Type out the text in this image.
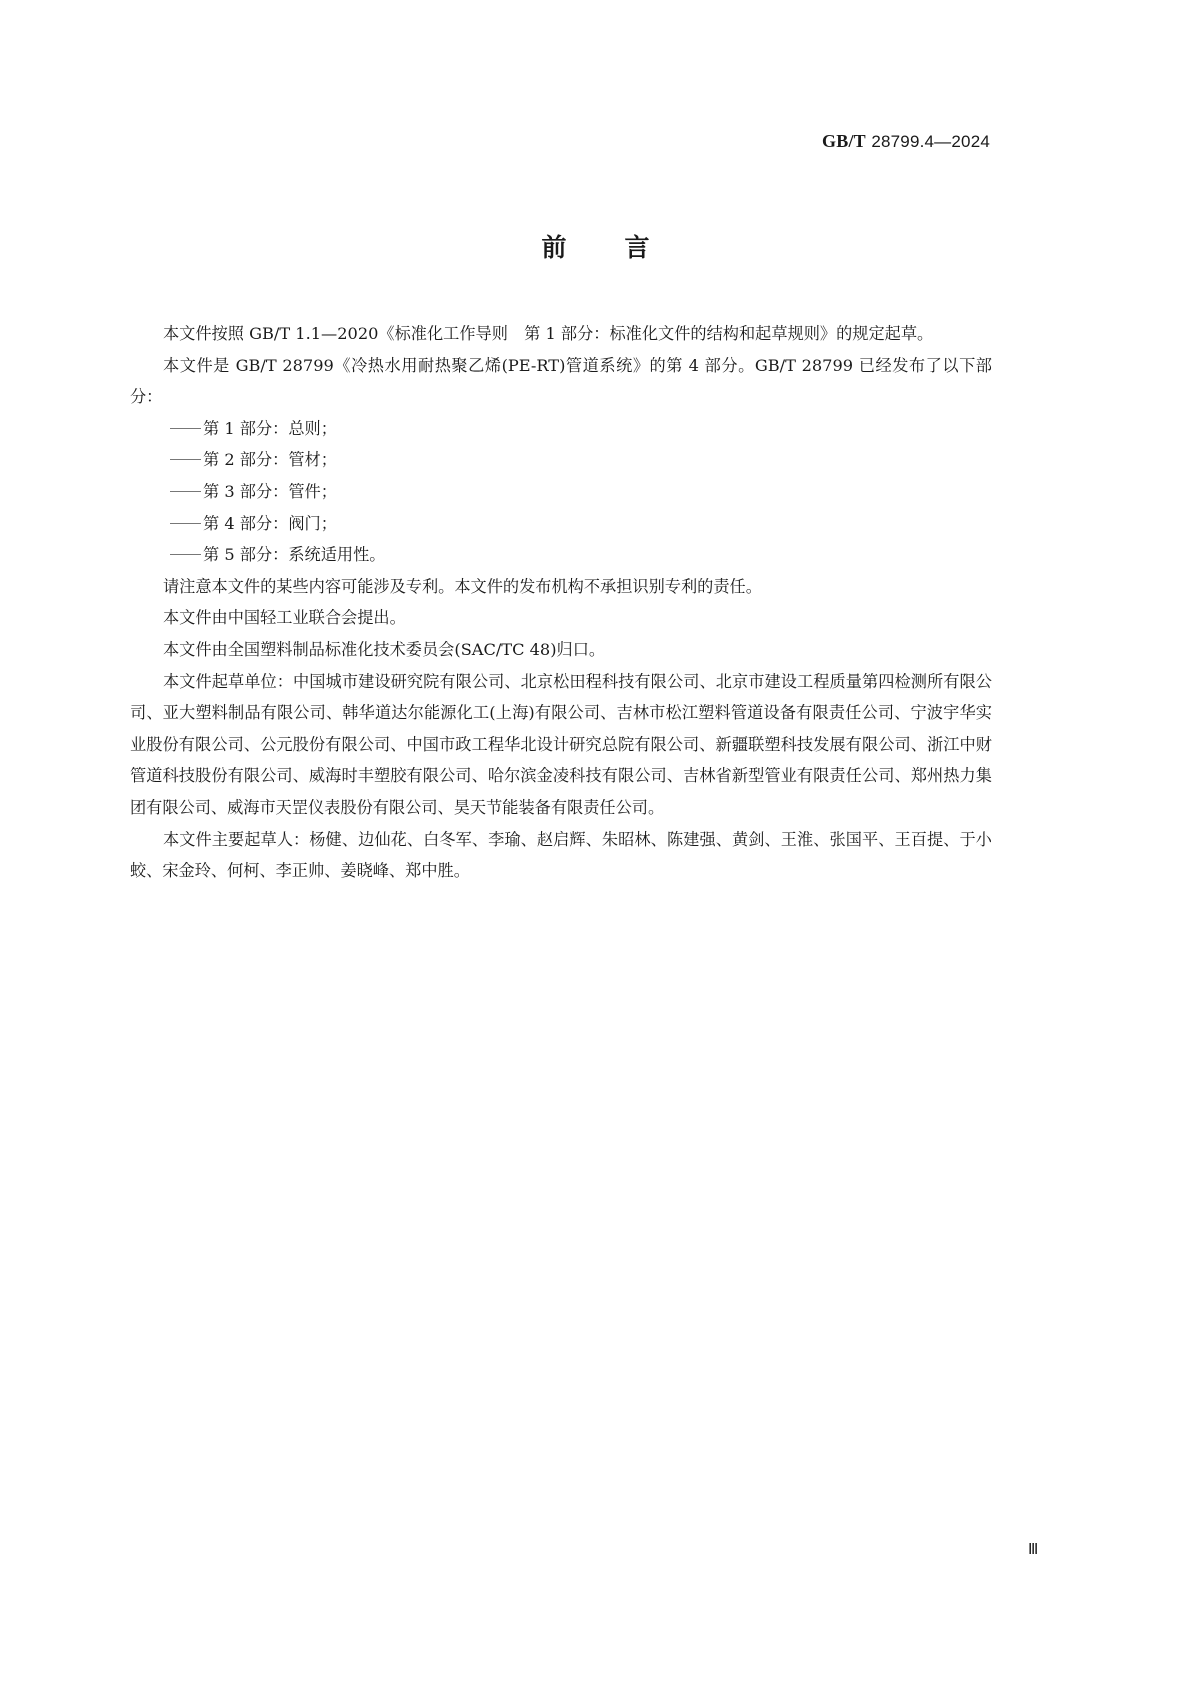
GB/T 28799.4—2024
前 言

本文件按照 GB/T 1.1—2020《标准化工作导则　第 1 部分：标准化文件的结构和起草规则》的规定起草。

本文件是 GB/T 28799《冷热水用耐热聚乙烯(PE-RT)管道系统》的第 4 部分。GB/T 28799 已经发布了以下部分：

第 1 部分：总则；

第 2 部分：管材；

第 3 部分：管件；

第 4 部分：阀门；

第 5 部分：系统适用性。

请注意本文件的某些内容可能涉及专利。本文件的发布机构不承担识别专利的责任。

本文件由中国轻工业联合会提出。

本文件由全国塑料制品标准化技术委员会(SAC/TC 48)归口。

本文件起草单位：中国城市建设研究院有限公司、北京松田程科技有限公司、北京市建设工程质量第四检测所有限公司、亚大塑料制品有限公司、韩华道达尔能源化工(上海)有限公司、吉林市松江塑料管道设备有限责任公司、宁波宇华实业股份有限公司、公元股份有限公司、中国市政工程华北设计研究总院有限公司、新疆联塑科技发展有限公司、浙江中财管道科技股份有限公司、威海时丰塑胶有限公司、哈尔滨金凌科技有限公司、吉林省新型管业有限责任公司、郑州热力集团有限公司、威海市天罡仪表股份有限公司、昊天节能装备有限责任公司。

本文件主要起草人：杨健、边仙花、白冬军、李瑜、赵启辉、朱昭林、陈建强、黄剑、王淮、张国平、王百提、于小蛟、宋金玲、何柯、李正帅、姜晓峰、郑中胜。

Ⅲ
